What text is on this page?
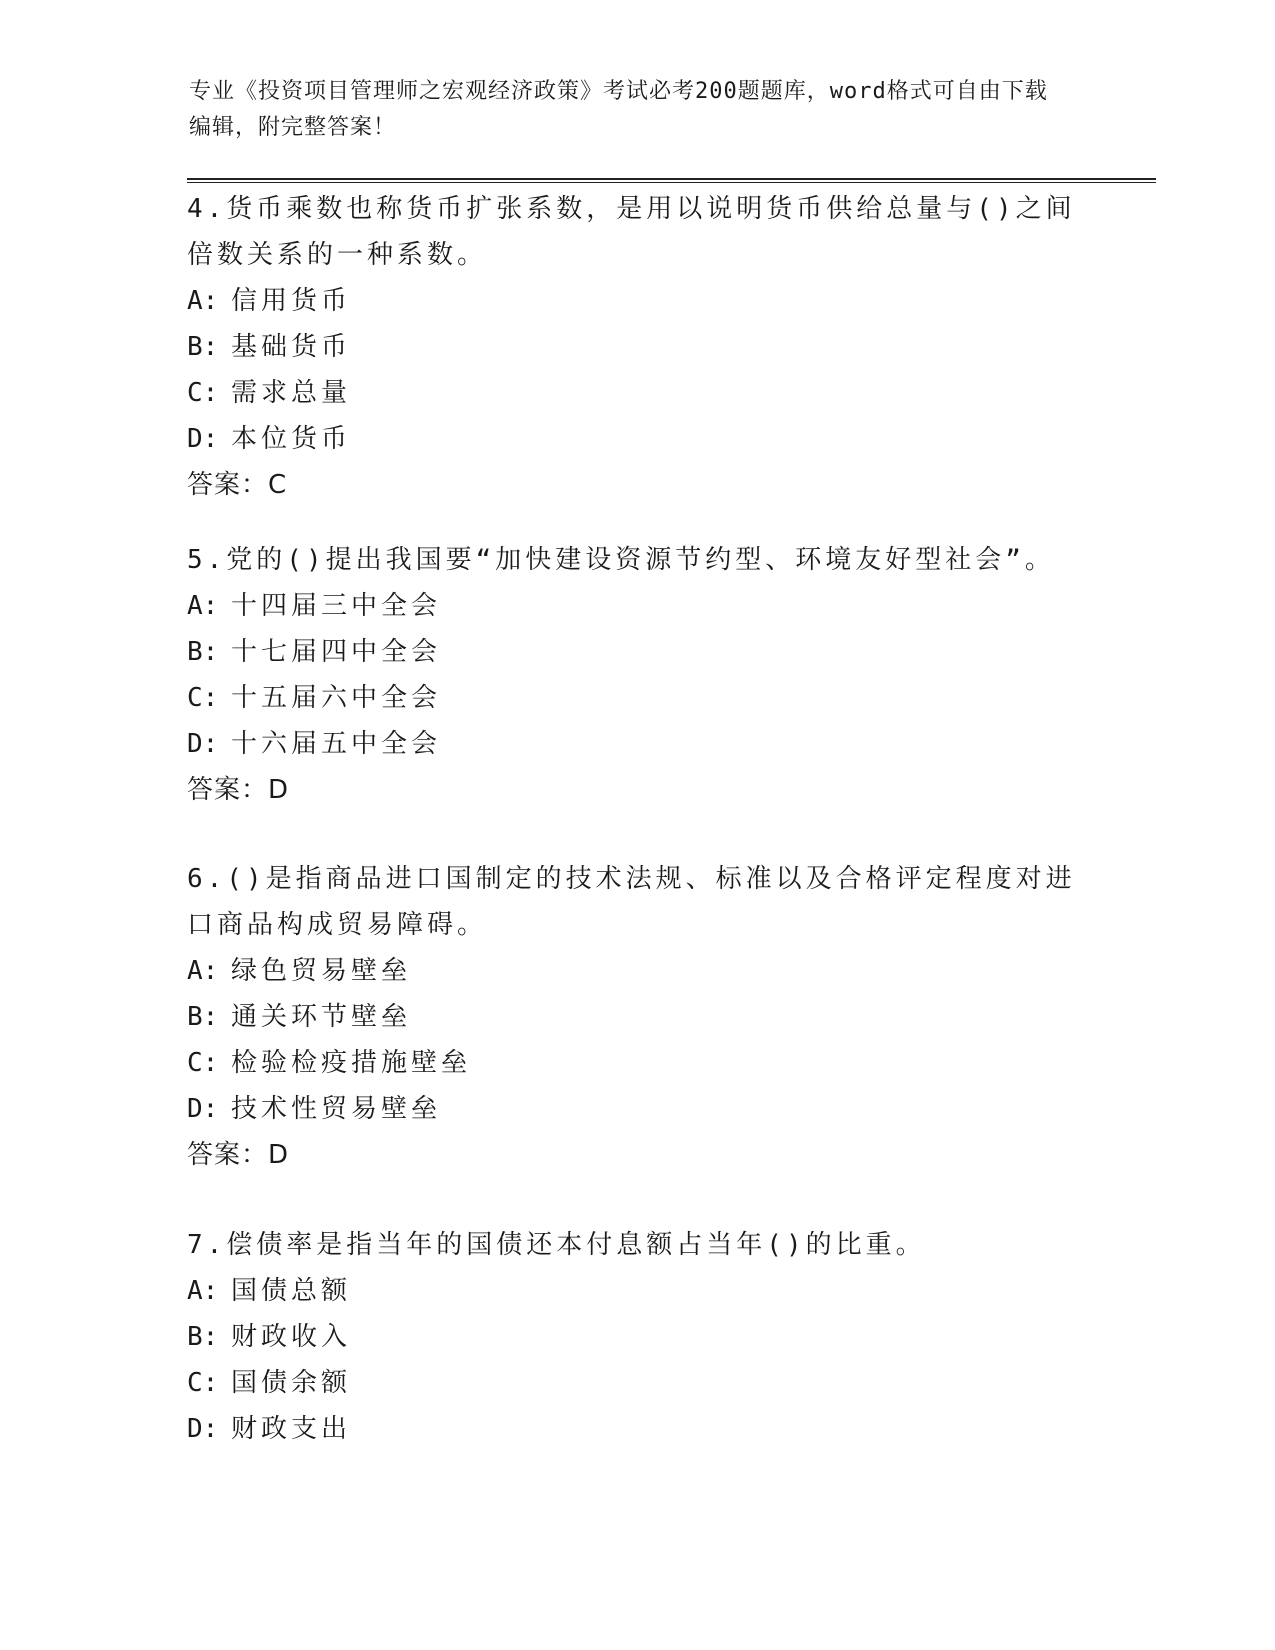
专业《投资项目管理师之宏观经济政策》考试必考200题题库，word格式可自由下载编辑，附完整答案！

4.货币乘数也称货币扩张系数，是用以说明货币供给总量与()之间倍数关系的一种系数。

A: 信用货币

B: 基础货币

C: 需求总量

D: 本位货币

答案：C

5.党的()提出我国要“加快建设资源节约型、环境友好型社会”。

A: 十四届三中全会

B: 十七届四中全会

C: 十五届六中全会

D: 十六届五中全会

答案：D

6.()是指商品进口国制定的技术法规、标准以及合格评定程度对进口商品构成贸易障碍。

A: 绿色贸易壁垒

B: 通关环节壁垒

C: 检验检疫措施壁垒

D: 技术性贸易壁垒

答案：D

7.偿债率是指当年的国债还本付息额占当年()的比重。

A: 国债总额

B: 财政收入

C: 国债余额

D: 财政支出
